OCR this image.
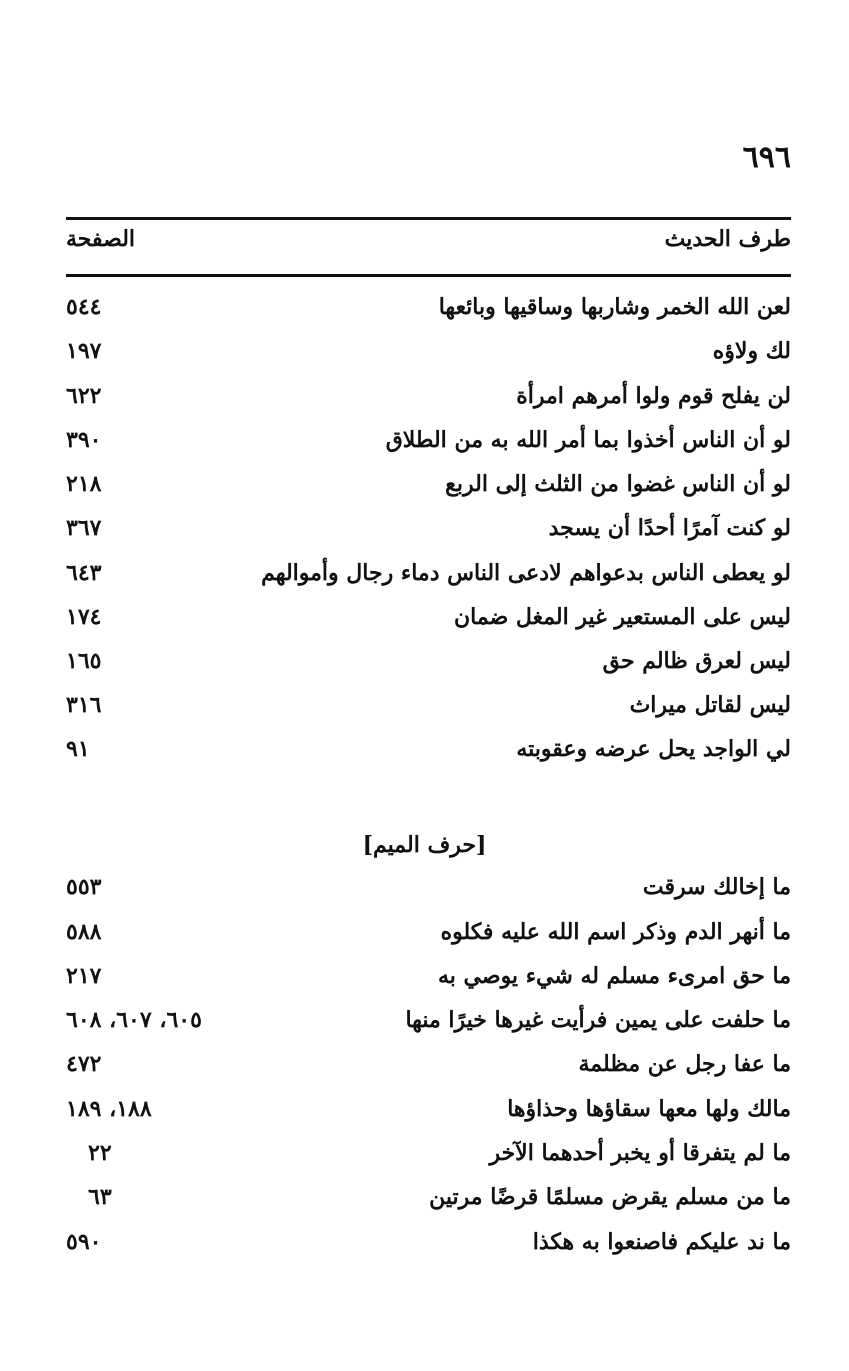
٦٩٦
طرف الحديث
الصفحة
لعن الله الخمر وشاربها وساقيها وبائعها
٥٤٤
لك ولاؤه
١٩٧
لن يفلح قوم ولوا أمرهم امرأة
٦٢٢
لو أن الناس أخذوا بما أمر الله به من الطلاق
٣٩٠
لو أن الناس غضوا من الثلث إلى الربع
٢١٨
لو كنت آمرًا أحدًا أن يسجد
٣٦٧
لو يعطى الناس بدعواهم لادعى الناس دماء رجال وأموالهم
٦٤٣
ليس على المستعير غير المغل ضمان
١٧٤
ليس لعرق ظالم حق
١٦٥
ليس لقاتل ميراث
٣١٦
لي الواجد يحل عرضه وعقوبته
٩١
[حرف الميم]
ما إخالك سرقت
٥٥٣
ما أنهر الدم وذكر اسم الله عليه فكلوه
٥٨٨
ما حق امرىء مسلم له شيء يوصي به
٢١٧
ما حلفت على يمين فرأيت غيرها خيرًا منها
٦٠٥، ٦٠٧، ٦٠٨
ما عفا رجل عن مظلمة
٤٧٢
مالك ولها معها سقاؤها وحذاؤها
١٨٨، ١٨٩
ما لم يتفرقا أو يخبر أحدهما الآخر
٢٢
ما من مسلم يقرض مسلمًا قرضًا مرتين
٦٣
ما ند عليكم فاصنعوا به هكذا
٥٩٠
